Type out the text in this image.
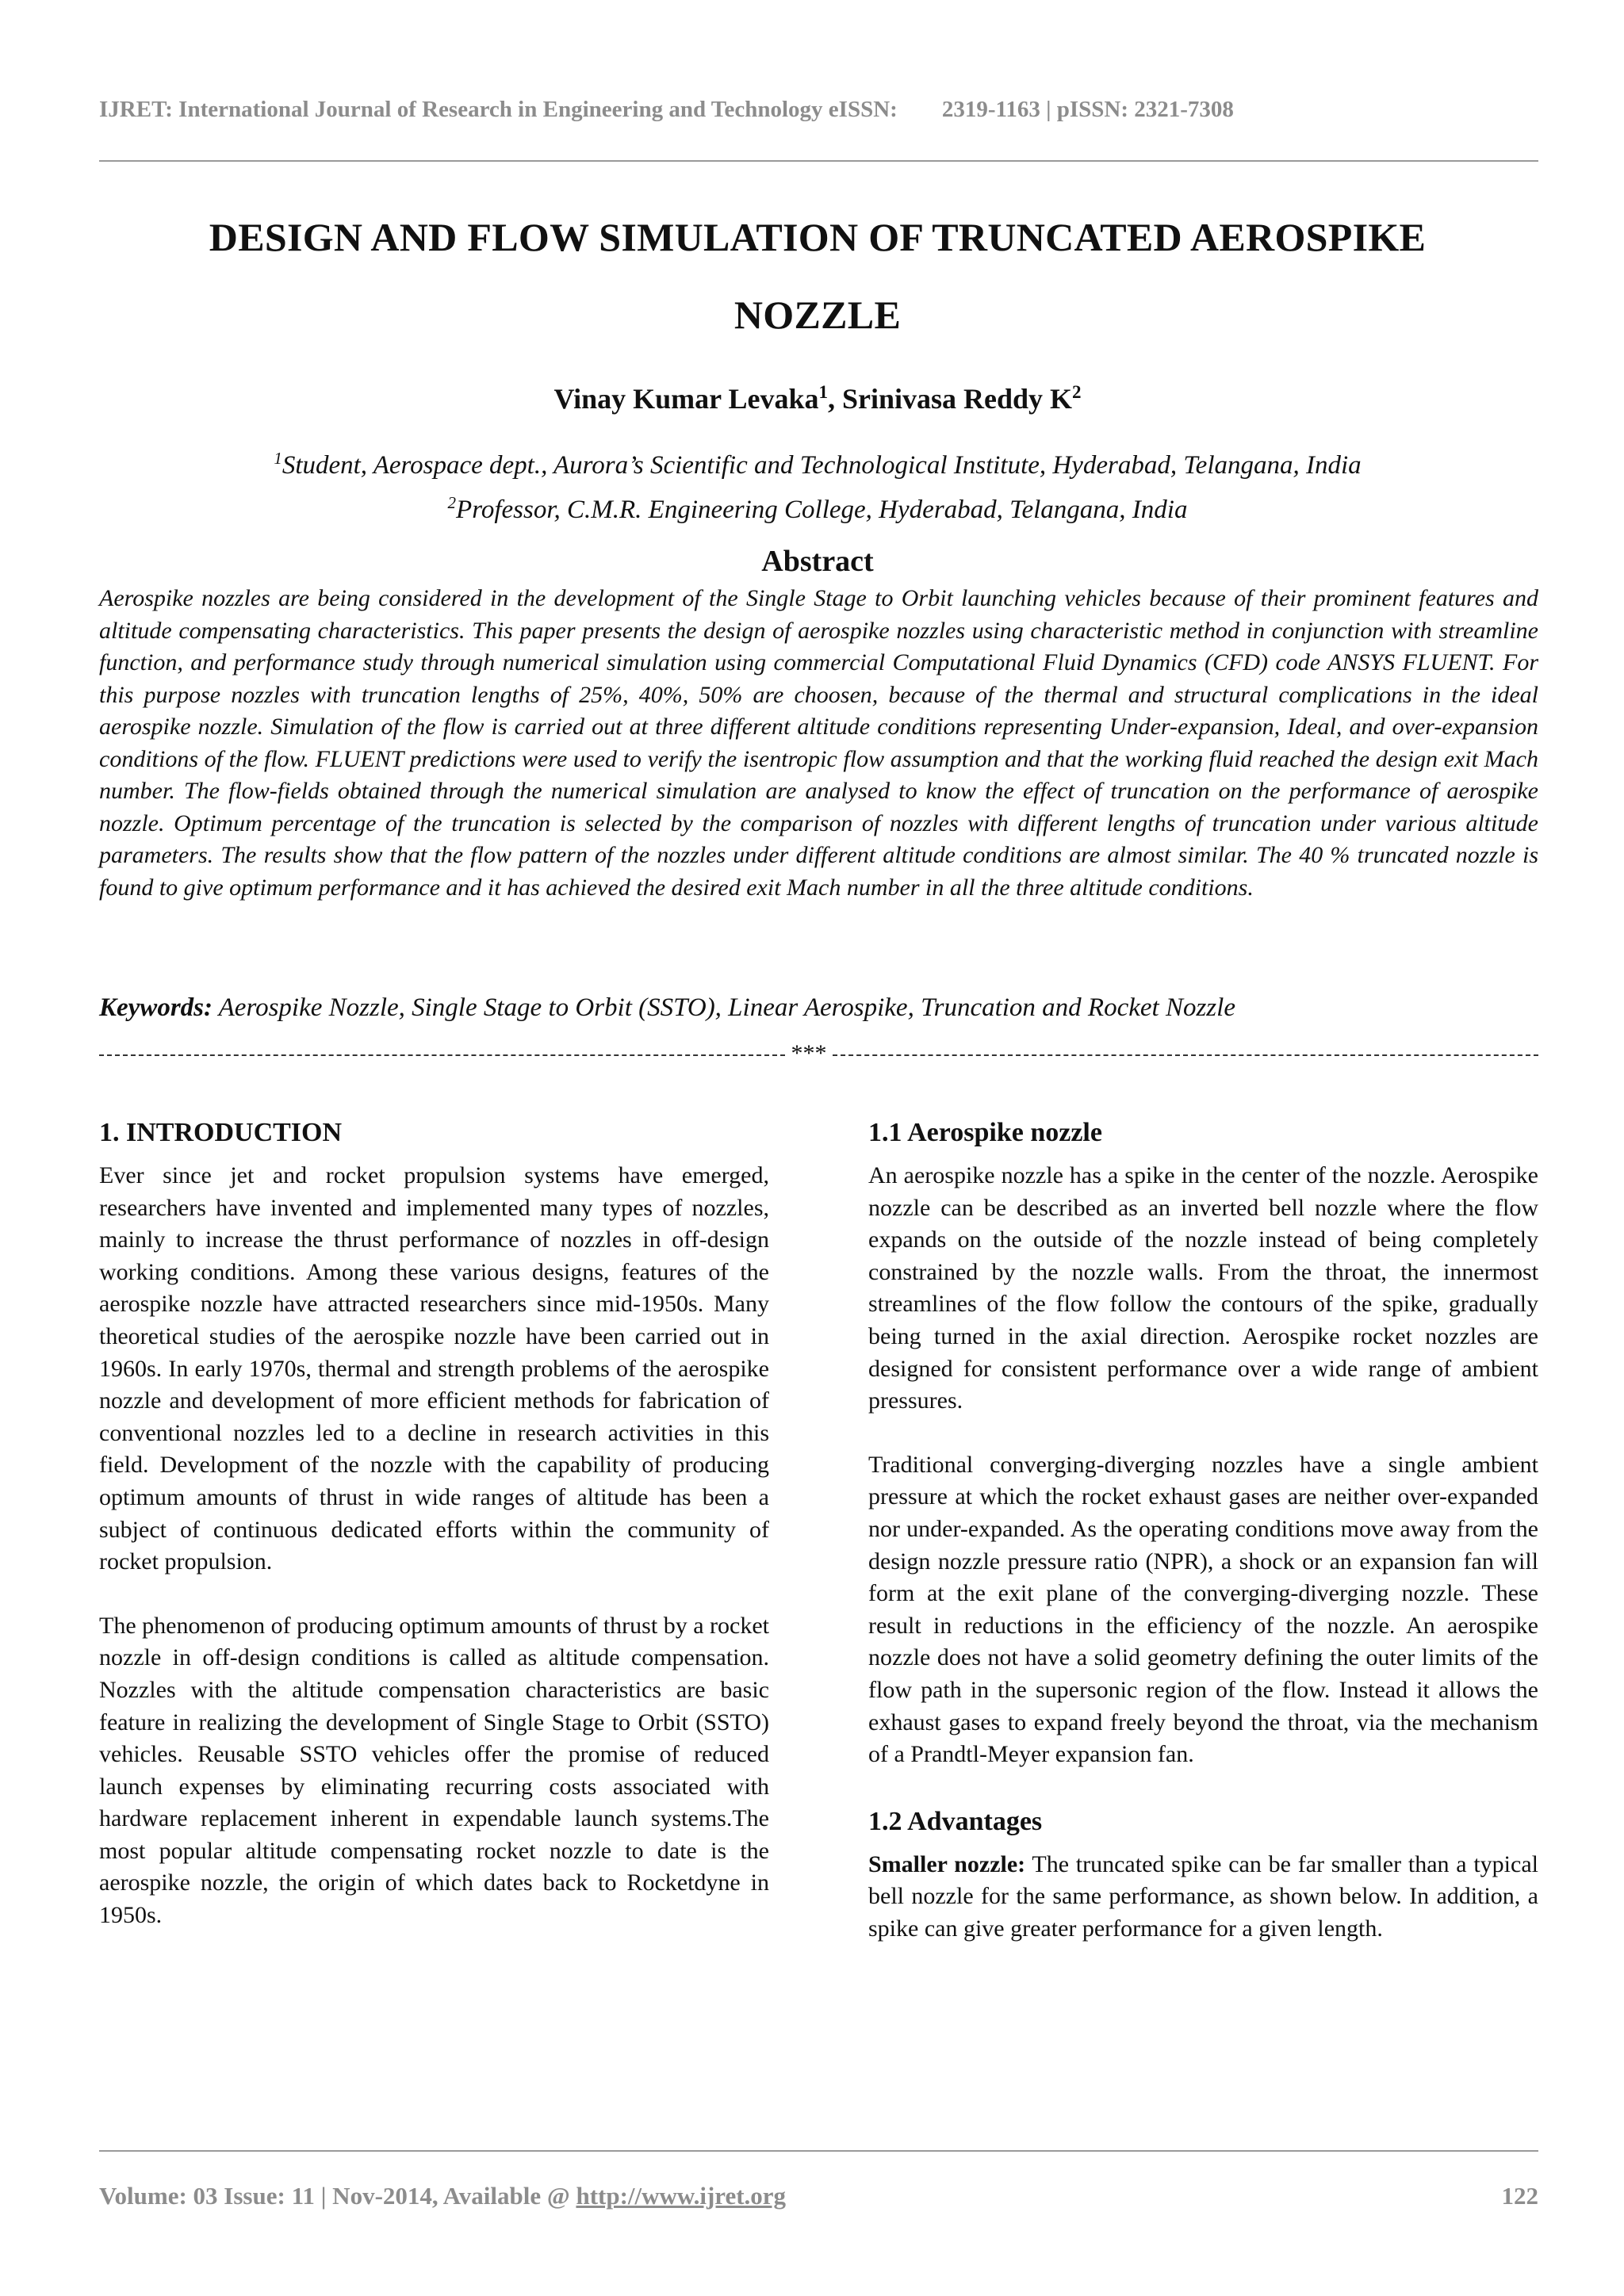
IJRET: International Journal of Research in Engineering and Technology eISSN: 2319-1163 | pISSN: 2321-7308
DESIGN AND FLOW SIMULATION OF TRUNCATED AEROSPIKE
NOZZLE
Vinay Kumar Levaka$^1$, Srinivasa Reddy $K^2$
$^1$Student, Aerospace dept., Aurora’s Scientific and Technological Institute, Hyderabad, Telangana, India
$^2$Professor, C.M.R. Engineering College, Hyderabad, Telangana, India
Abstract
Aerospike nozzles are being considered in the development of the Single Stage to Orbit launching vehicles because of their prominent features and altitude compensating characteristics. This paper presents the design of aerospike nozzles using characteristic method in conjunction with streamline function, and performance study through numerical simulation using commercial Computational Fluid Dynamics (CFD) code ANSYS FLUENT. For this purpose nozzles with truncation lengths of 25%, 40%, 50% are choosen, because of the thermal and structural complications in the ideal aerospike nozzle. Simulation of the flow is carried out at three different altitude conditions representing Under-expansion, Ideal, and over-expansion conditions of the flow. FLUENT predictions were used to verify the isentropic flow assumption and that the working fluid reached the design exit Mach number. The flow-fields obtained through the numerical simulation are analysed to know the effect of truncation on the performance of aerospike nozzle. Optimum percentage of the truncation is selected by the comparison of nozzles with different lengths of truncation under various altitude parameters. The results show that the flow pattern of the nozzles under different altitude conditions are almost similar. The 40 % truncated nozzle is found to give optimum performance and it has achieved the desired exit Mach number in all the three altitude conditions.
Keywords: Aerospike Nozzle, Single Stage to Orbit (SSTO), Linear Aerospike, Truncation and Rocket Nozzle
***
1. INTRODUCTION

Ever since jet and rocket propulsion systems have emerged, researchers have invented and implemented many types of nozzles, mainly to increase the thrust performance of nozzles in off-design working conditions. Among these various designs, features of the aerospike nozzle have attracted researchers since mid-1950s. Many theoretical studies of the aerospike nozzle have been carried out in 1960s. In early 1970s, thermal and strength problems of the aerospike nozzle and development of more efficient methods for fabrication of conventional nozzles led to a decline in research activities in this field. Development of the nozzle with the capability of producing optimum amounts of thrust in wide ranges of altitude has been a subject of continuous dedicated efforts within the community of rocket propulsion.

The phenomenon of producing optimum amounts of thrust by a rocket nozzle in off-design conditions is called as altitude compensation. Nozzles with the altitude compensation characteristics are basic feature in realizing the development of Single Stage to Orbit (SSTO) vehicles. Reusable SSTO vehicles offer the promise of reduced launch expenses by eliminating recurring costs associated with hardware replacement inherent in expendable launch systems.The most popular altitude compensating rocket nozzle to date is the aerospike nozzle, the origin of which dates back to Rocketdyne in 1950s.

1.1 Aerospike nozzle

An aerospike nozzle has a spike in the center of the nozzle. Aerospike nozzle can be described as an inverted bell nozzle where the flow expands on the outside of the nozzle instead of being completely constrained by the nozzle walls. From the throat, the innermost streamlines of the flow follow the contours of the spike, gradually being turned in the axial direction. Aerospike rocket nozzles are designed for consistent performance over a wide range of ambient pressures.

Traditional converging-diverging nozzles have a single ambient pressure at which the rocket exhaust gases are neither over-expanded nor under-expanded. As the operating conditions move away from the design nozzle pressure ratio (NPR), a shock or an expansion fan will form at the exit plane of the converging-diverging nozzle. These result in reductions in the efficiency of the nozzle. An aerospike nozzle does not have a solid geometry defining the outer limits of the flow path in the supersonic region of the flow. Instead it allows the exhaust gases to expand freely beyond the throat, via the mechanism of a Prandtl-Meyer expansion fan.

1.2 Advantages

Smaller nozzle: The truncated spike can be far smaller than a typical bell nozzle for the same performance, as shown below. In addition, a spike can give greater performance for a given length.

Volume: 03 Issue: 11 | Nov-2014, Available @ http://www.ijret.org	122
